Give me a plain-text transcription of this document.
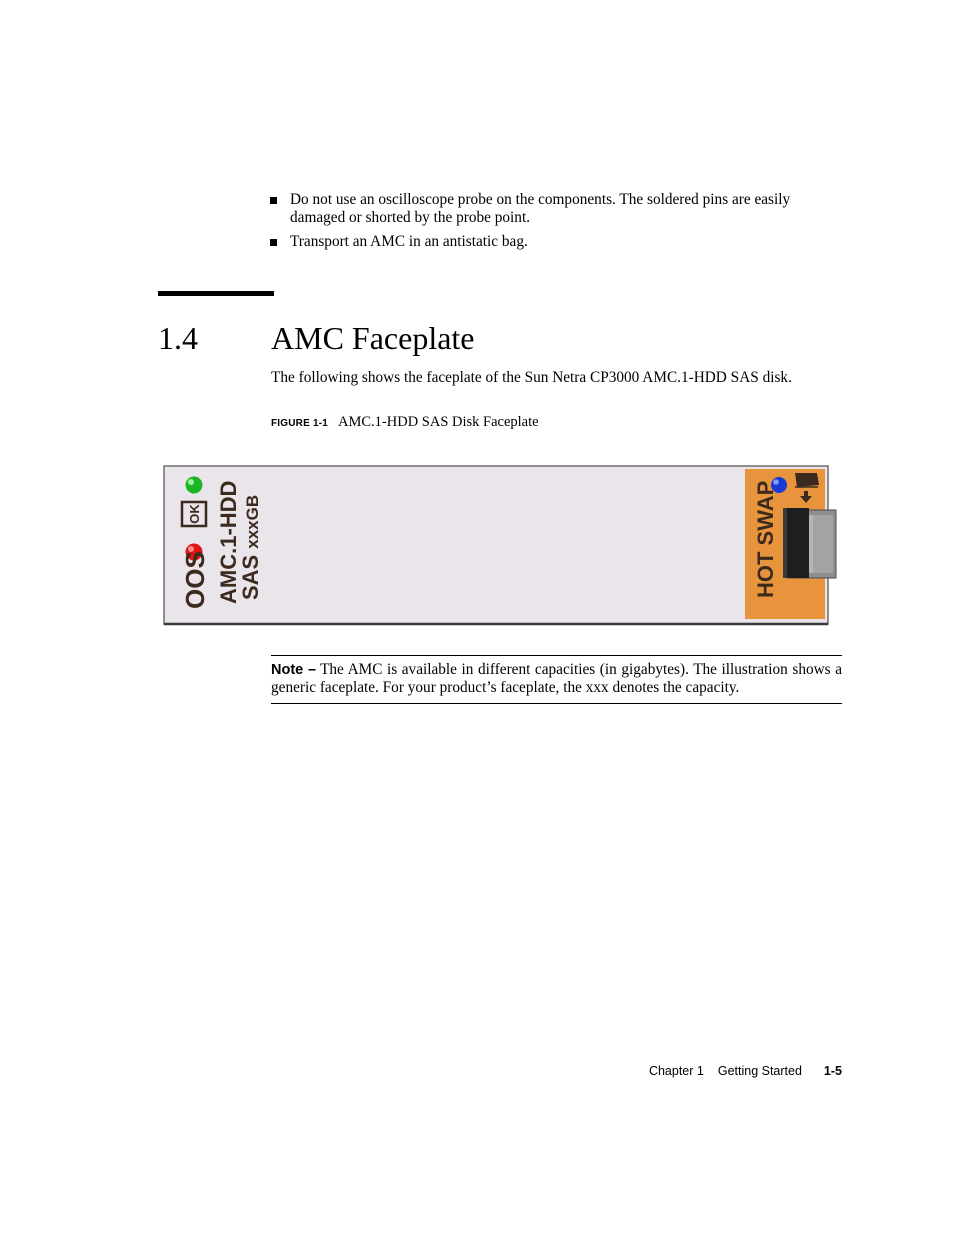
Do not use an oscilloscope probe on the components. The soldered pins are easily damaged or shorted by the probe point.
Transport an AMC in an antistatic bag.
1.4 AMC Faceplate
The following shows the faceplate of the Sun Netra CP3000 AMC.1-HDD SAS disk.
FIGURE 1-1 AMC.1-HDD SAS Disk Faceplate
OK
OOS AMC.1-HDD
SASxxxGB	HOT SWAP
Note – The AMC is available in different capacities (in gigabytes). The illustration shows a generic faceplate. For your product’s faceplate, the xxx denotes the capacity.
Chapter 1 Getting Started 1-5
